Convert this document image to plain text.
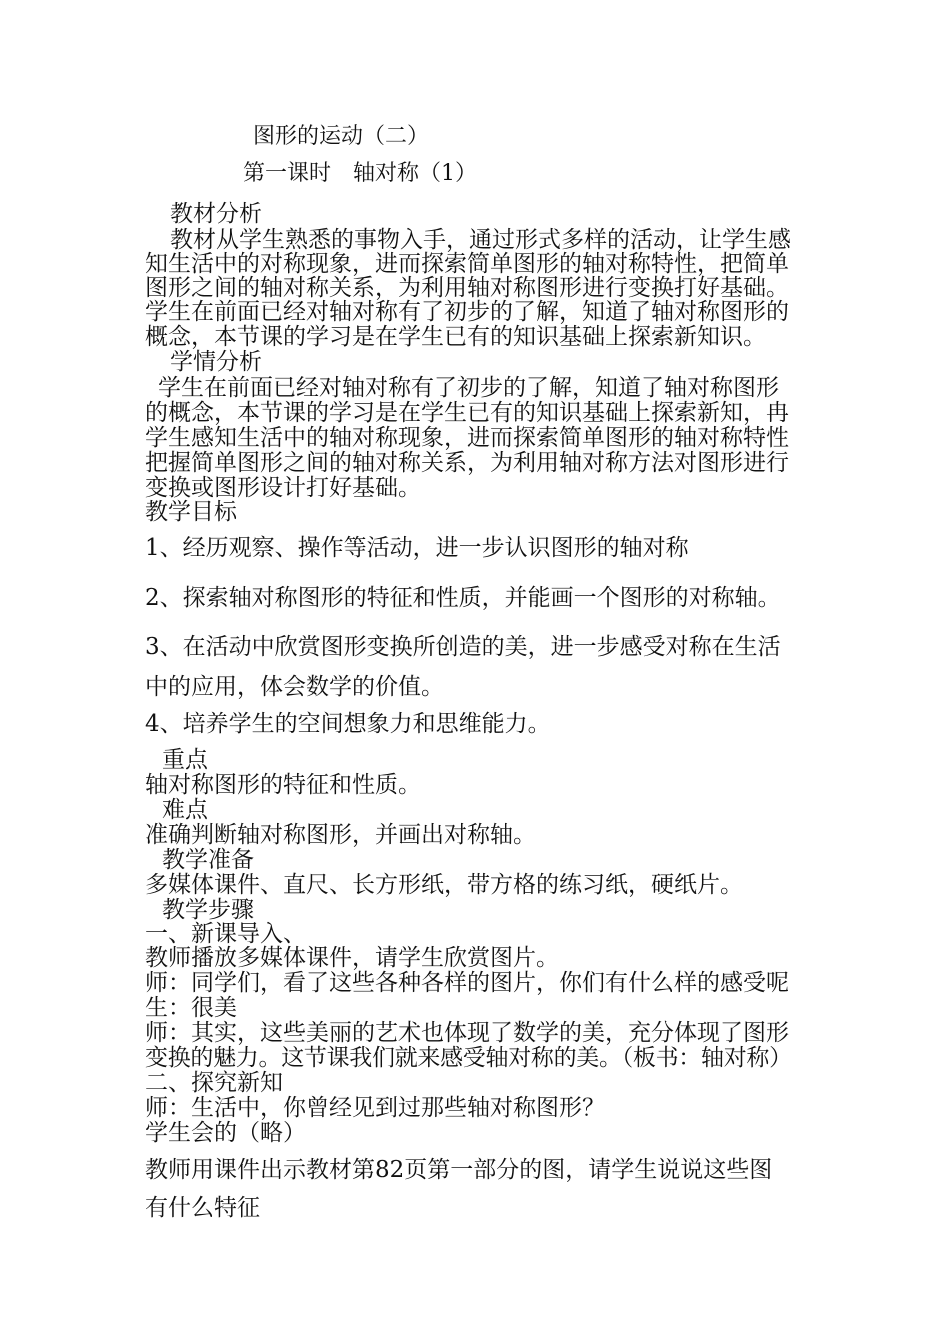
图形的运动（二）
第一课时　轴对称（1）
教材分析
教材从学生熟悉的事物入手，通过形式多样的活动，让学生感
知生活中的对称现象，进而探索简单图形的轴对称特性，把简单
图形之间的轴对称关系，为利用轴对称图形进行变换打好基础。
学生在前面已经对轴对称有了初步的了解，知道了轴对称图形的
概念，本节课的学习是在学生已有的知识基础上探索新知识。
学情分析
学生在前面已经对轴对称有了初步的了解，知道了轴对称图形
的概念，本节课的学习是在学生已有的知识基础上探索新知，冉
学生感知生活中的轴对称现象，进而探索简单图形的轴对称特性
把握简单图形之间的轴对称关系，为利用轴对称方法对图形进行
变换或图形设计打好基础。
教学目标
1、经历观察、操作等活动，进一步认识图形的轴对称
2、探索轴对称图形的特征和性质，并能画一个图形的对称轴。
3、在活动中欣赏图形变换所创造的美，进一步感受对称在生活
中的应用，体会数学的价值。
4、培养学生的空间想象力和思维能力。
重点
轴对称图形的特征和性质。
难点
准确判断轴对称图形，并画出对称轴。
教学准备
多媒体课件、直尺、长方形纸，带方格的练习纸，硬纸片。
教学步骤
一、新课导入、
教师播放多媒体课件，请学生欣赏图片。
师：同学们，看了这些各种各样的图片，你们有什么样的感受呢
生：很美
师：其实，这些美丽的艺术也体现了数学的美，充分体现了图形
变换的魅力。这节课我们就来感受轴对称的美。（板书：轴对称）
二、探究新知
师：生活中，你曾经见到过那些轴对称图形？
学生会的（略）
教师用课件出示教材第82页第一部分的图，请学生说说这些图
有什么特征
